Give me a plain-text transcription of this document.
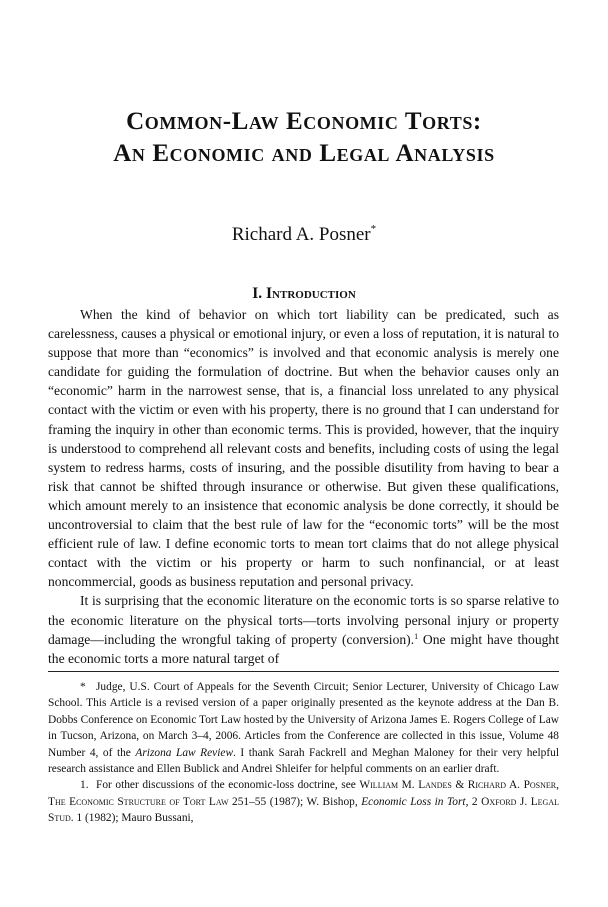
Common-Law Economic Torts:
An Economic and Legal Analysis

Richard A. Posner*

I. Introduction

When the kind of behavior on which tort liability can be predicated, such as carelessness, causes a physical or emotional injury, or even a loss of reputation, it is natural to suppose that more than “economics” is involved and that economic analysis is merely one candidate for guiding the formulation of doctrine. But when the behavior causes only an “economic” harm in the narrowest sense, that is, a financial loss unrelated to any physical contact with the victim or even with his property, there is no ground that I can understand for framing the inquiry in other than economic terms. This is provided, however, that the inquiry is understood to comprehend all relevant costs and benefits, including costs of using the legal system to redress harms, costs of insuring, and the possible disutility from having to bear a risk that cannot be shifted through insurance or otherwise. But given these qualifications, which amount merely to an insistence that economic analysis be done correctly, it should be uncontroversial to claim that the best rule of law for the “economic torts” will be the most efficient rule of law. I define economic torts to mean tort claims that do not allege physical contact with the victim or his property or harm to such nonfinancial, or at least noncommercial, goods as business reputation and personal privacy.

It is surprising that the economic literature on the economic torts is so sparse relative to the economic literature on the physical torts—torts involving personal injury or property damage—including the wrongful taking of property (conversion).$^1$ One might have thought the economic torts a more natural target of

* Judge, U.S. Court of Appeals for the Seventh Circuit; Senior Lecturer, University of Chicago Law School. This Article is a revised version of a paper originally presented as the keynote address at the Dan B. Dobbs Conference on Economic Tort Law hosted by the University of Arizona James E. Rogers College of Law in Tucson, Arizona, on March 3–4, 2006. Articles from the Conference are collected in this issue, Volume 48 Number 4, of the Arizona Law Review. I thank Sarah Fackrell and Meghan Maloney for their very helpful research assistance and Ellen Bublick and Andrei Shleifer for helpful comments on an earlier draft.

1. For other discussions of the economic-loss doctrine, see William M. Landes & Richard A. Posner, The Economic Structure of Tort Law 251–55 (1987); W. Bishop, Economic Loss in Tort, 2 Oxford J. Legal Stud. 1 (1982); Mauro Bussani,
